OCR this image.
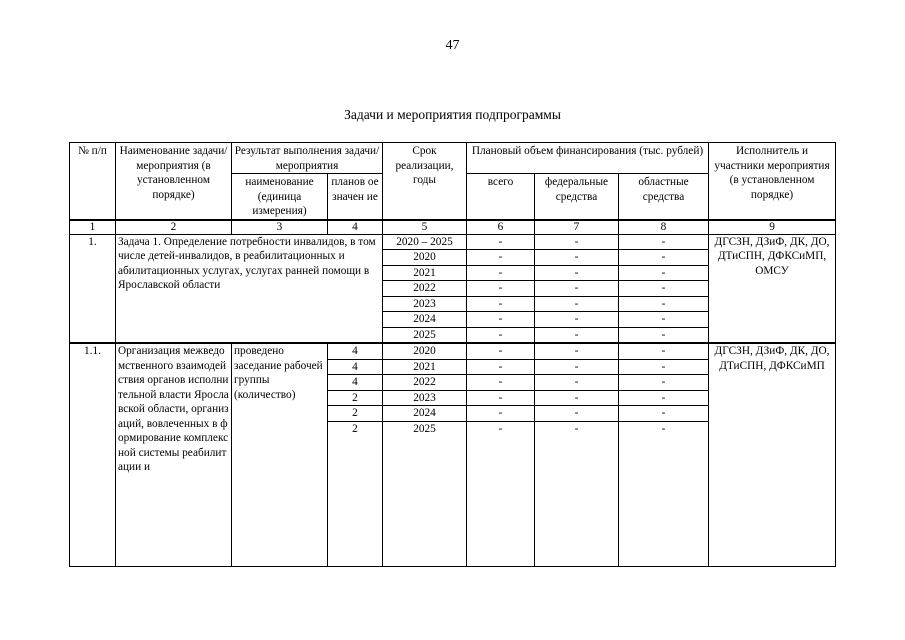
47
Задачи и мероприятия подпрограммы
№ п/п	Наименование задачи/ мероприятия (в установленном порядке)	Результат выполнения задачи/мероприятия		Срок реализации, годы	Плановый объем финансирования (тыс. рублей)			Исполнитель и участники мероприятия (в установленном порядке)
		наименование (единица измерения)	планов ое значен ие		всего	федеральные средства	областные средства	
1	2	3	4	5	6	7	8	9
1.	Задача 1. Определение потребности инвалидов, в том числе детей-инвалидов, в реабилитационных и абилитационных услугах, услугах ранней помощи в Ярославской области			2020 – 2025	-	-	-	ДГСЗН, ДЗиФ, ДК, ДО, ДТиСПН, ДФКСиМП, ОМСУ
				2020	-	-	-	
				2021	-	-	-	
				2022	-	-	-	
				2023	-	-	-	
				2024	-	-	-	
				2025	-	-	-	
1.1.	Организация межведомственного взаимодействия органов исполнительной власти Ярославской области, организаций, вовлеченных в формирование комплексной системы реабилитации и	проведено заседание рабочей группы (количество)	4	2020	-	-	-	ДГСЗН, ДЗиФ, ДК, ДО, ДТиСПН, ДФКСиМП
			4	2021	-	-	-	
			4	2022	-	-	-	
			2	2023	-	-	-	
			2	2024	-	-	-	
			2	2025	-	-	-	
